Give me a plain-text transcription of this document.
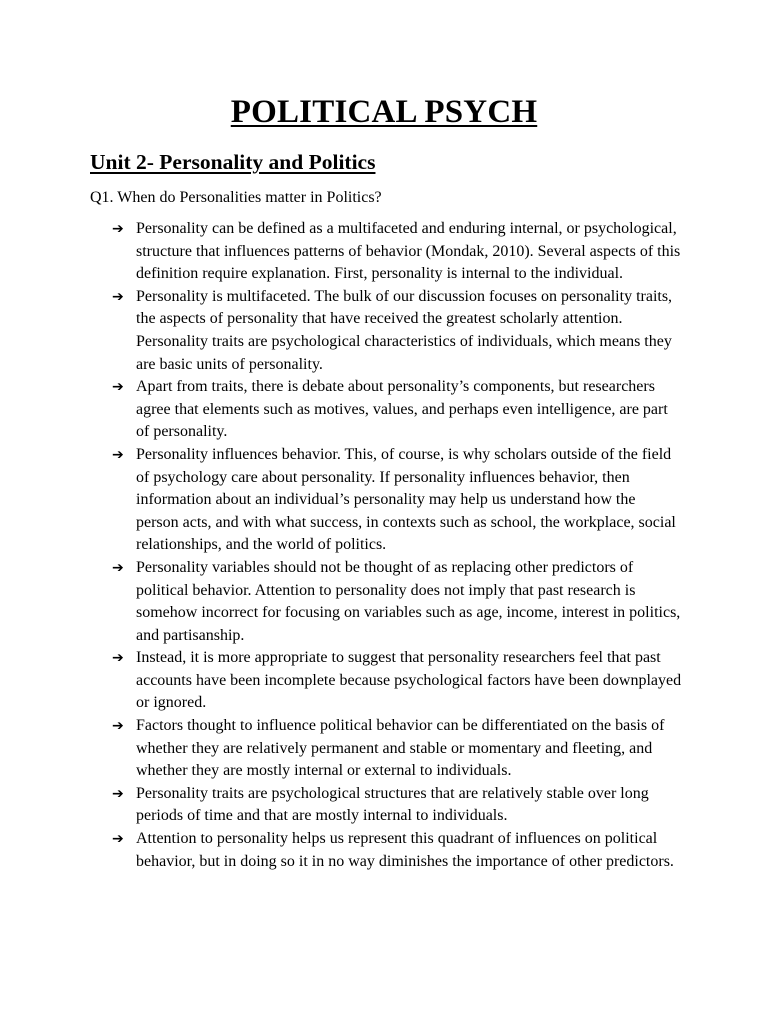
POLITICAL PSYCH
Unit 2- Personality and Politics

Q1. When do Personalities matter in Politics?

➔ Personality can be defined as a multifaceted and enduring internal, or psychological, structure that influences patterns of behavior (Mondak, 2010). Several aspects of this definition require explanation. First, personality is internal to the individual.
➔ Personality is multifaceted. The bulk of our discussion focuses on personality traits, the aspects of personality that have received the greatest scholarly attention. Personality traits are psychological characteristics of individuals, which means they are basic units of personality.
➔ Apart from traits, there is debate about personality’s components, but researchers agree that elements such as motives, values, and perhaps even intelligence, are part of personality.
➔ Personality influences behavior. This, of course, is why scholars outside of the field of psychology care about personality. If personality influences behavior, then information about an individual’s personality may help us understand how the person acts, and with what success, in contexts such as school, the workplace, social relationships, and the world of politics.
➔ Personality variables should not be thought of as replacing other predictors of political behavior. Attention to personality does not imply that past research is somehow incorrect for focusing on variables such as age, income, interest in politics, and partisanship.
➔ Instead, it is more appropriate to suggest that personality researchers feel that past accounts have been incomplete because psychological factors have been downplayed or ignored.
➔ Factors thought to influence political behavior can be differentiated on the basis of whether they are relatively permanent and stable or momentary and fleeting, and whether they are mostly internal or external to individuals.
➔ Personality traits are psychological structures that are relatively stable over long periods of time and that are mostly internal to individuals.
➔ Attention to personality helps us represent this quadrant of influences on political behavior, but in doing so it in no way diminishes the importance of other predictors.
